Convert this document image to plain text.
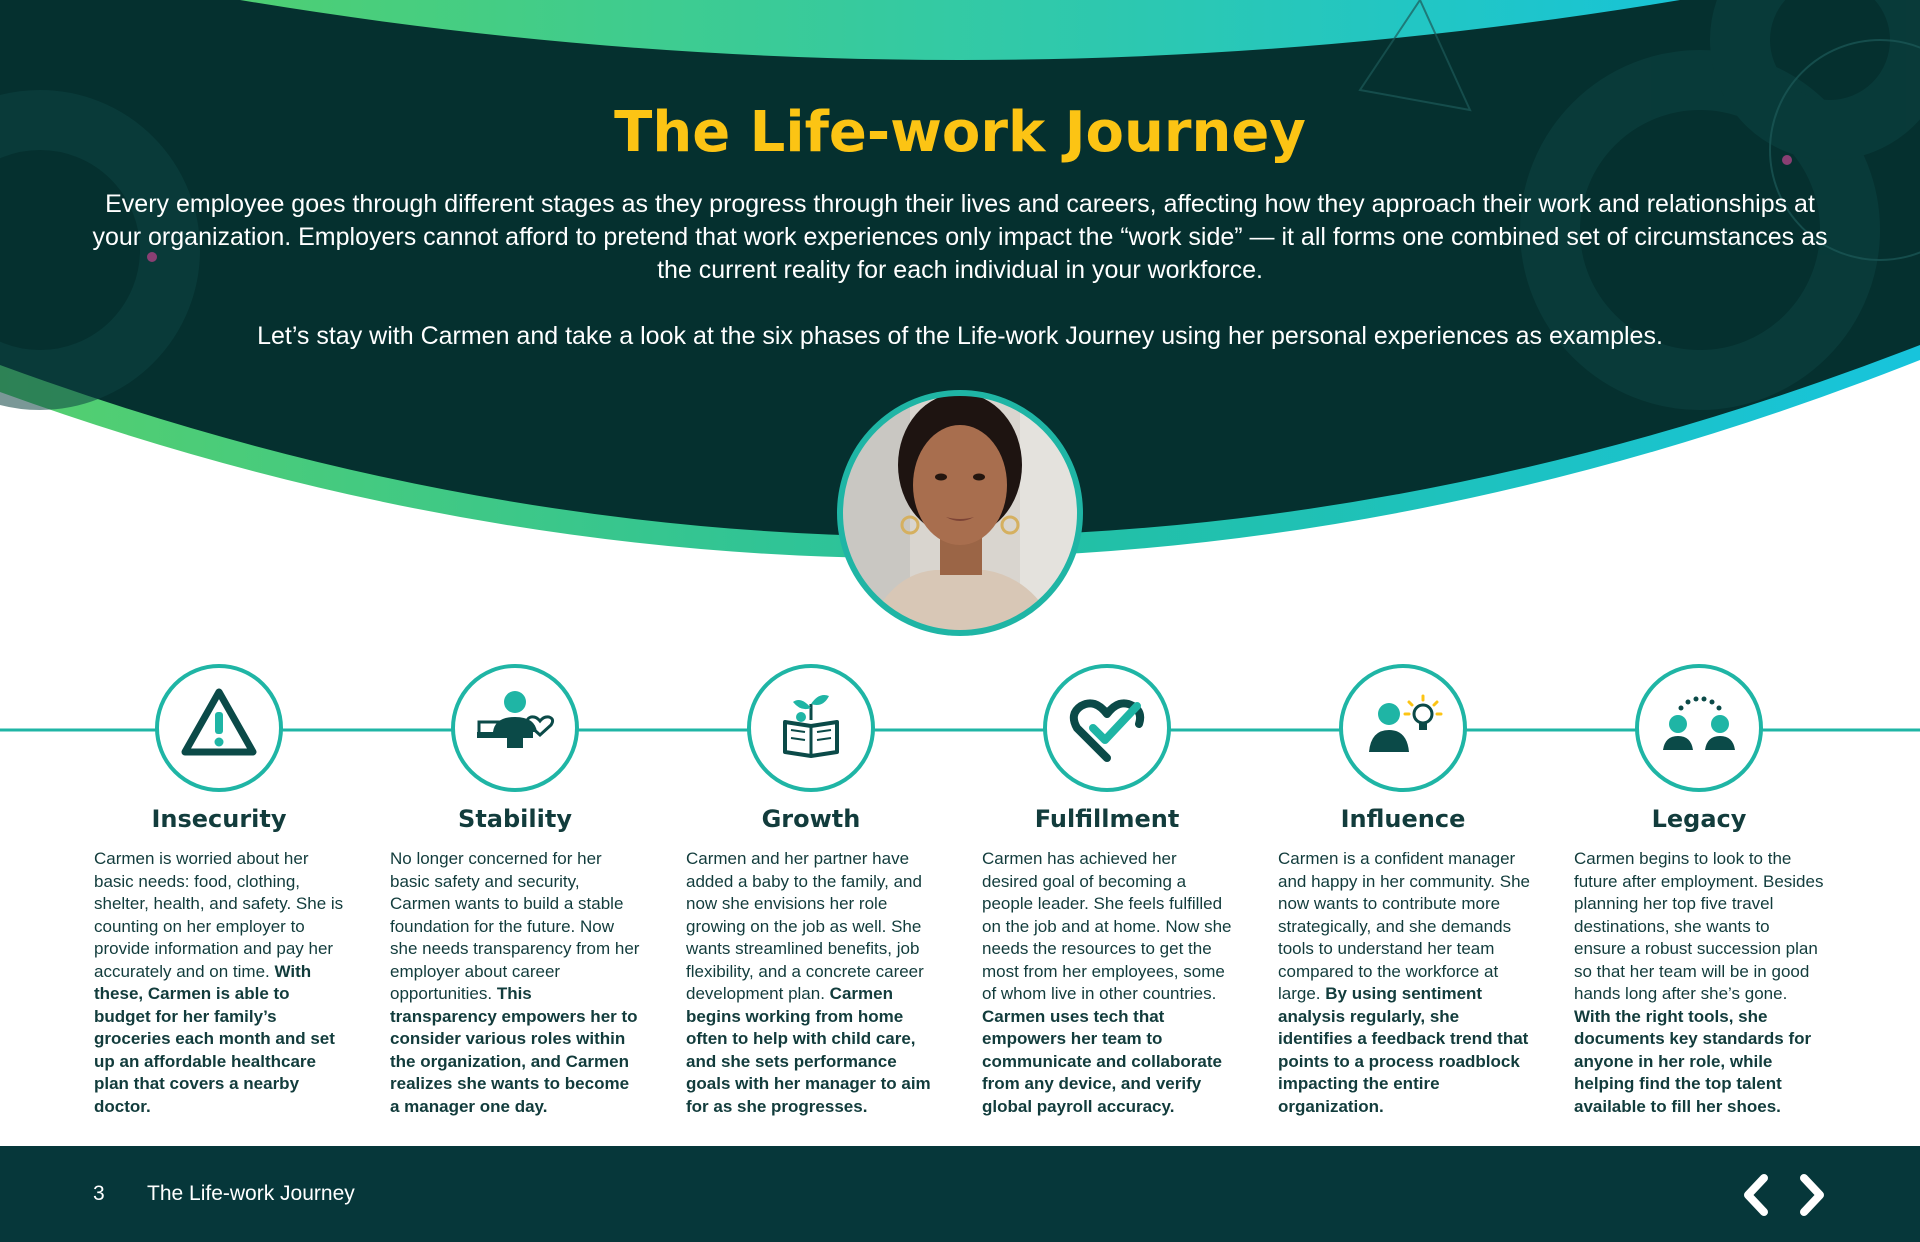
The Life-work Journey

Every employee goes through different stages as they progress through their lives and careers, affecting how they approach their work and relationships at your organization. Employers cannot afford to pretend that work experiences only impact the “work side” — it all forms one combined set of circumstances as the current reality for each individual in your workforce.

Let’s stay with Carmen and take a look at the six phases of the Life-work Journey using her personal experiences as examples.

Insecurity	Stability	Growth	Fulfillment	Influence	Legacy

Carmen is worried about her basic needs: food, clothing, shelter, health, and safety. She is counting on her employer to provide information and pay her accurately and on time. With these, Carmen is able to budget for her family’s groceries each month and set up an affordable healthcare plan that covers a nearby doctor.

No longer concerned for her basic safety and security, Carmen wants to build a stable foundation for the future. Now she needs transparency from her employer about career opportunities. This transparency empowers her to consider various roles within the organization, and Carmen realizes she wants to become a manager one day.

Carmen and her partner have added a baby to the family, and now she envisions her role growing on the job as well. She wants streamlined benefits, job flexibility, and a concrete career development plan. Carmen begins working from home often to help with child care, and she sets performance goals with her manager to aim for as she progresses.

Carmen has achieved her desired goal of becoming a people leader. She feels fulfilled on the job and at home. Now she needs the resources to get the most from her employees, some of whom live in other countries. Carmen uses tech that empowers her team to communicate and collaborate from any device, and verify global payroll accuracy.

Carmen is a confident manager and happy in her community. She now wants to contribute more strategically, and she demands tools to understand her team compared to the workforce at large. By using sentiment analysis regularly, she identifies a feedback trend that points to a process roadblock impacting the entire organization.

Carmen begins to look to the future after employment. Besides planning her top five travel destinations, she wants to ensure a robust succession plan so that her team will be in good hands long after she’s gone. With the right tools, she documents key standards for anyone in her role, while helping find the top talent available to fill her shoes.

3 The Life-work Journey
